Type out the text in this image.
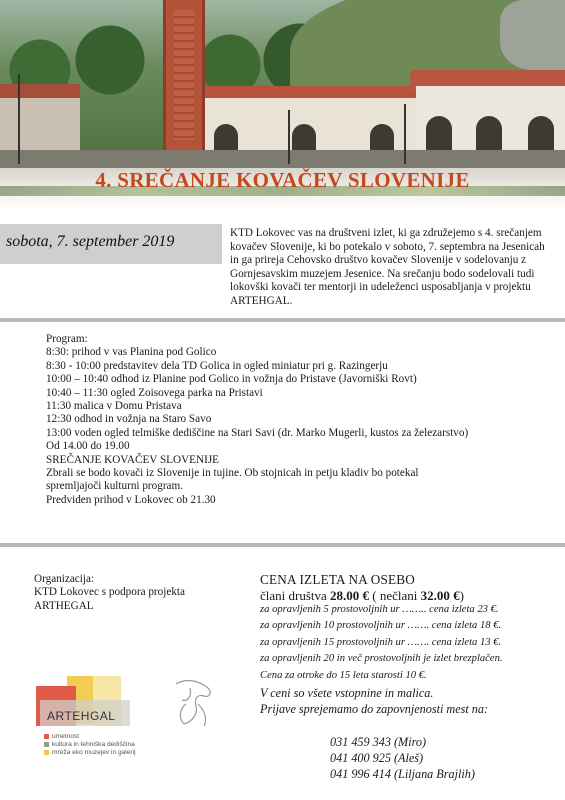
4. SREČANJE KOVAČEV SLOVENIJE
sobota, 7. september 2019	KTD Lokovec vas na društveni izlet, ki ga združejemo s 4. srečanjem
kovačev Slovenije, ki bo potekalo v soboto, 7. septembra na Jesenicah
in ga prireja Cehovsko društvo kovačev Slovenije v sodelovanju z
Gornjesavskim muzejem Jesenice. Na srečanju bodo sodelovali tudi
lokovški kovači ter mentorji in udeleženci usposabljanja v projektu
ARTEHGAL.
Program:
8:30: prihod v vas Planina pod Golico
8:30 - 10:00 predstavitev dela TD Golica in ogled miniatur pri g. Razingerju
10:00 – 10:40 odhod iz Planine pod Golico in vožnja do Pristave (Javorniški Rovt)
10:40 – 11:30 ogled Zoisovega parka na Pristavi
11:30 malica v Domu Pristava
12:30 odhod in vožnja na Staro Savo
13:00 voden ogled telmiške dediščine na Stari Savi (dr. Marko Mugerli, kustos za železarstvo)
Od 14.00 do 19.00
SREČANJE KOVAČEV SLOVENIJE
Zbrali se bodo kovači iz Slovenije in tujine. Ob stojnicah in petju kladiv bo potekal
spremljajoči kulturni program.
Predviden prihod v Lokovec ob 21.30
Organizacija:
KTD Lokovec s podpora projekta
ARTHEGAL
CENA IZLETA NA OSEBO
člani društva 28.00 € ( nečlani 32.00 €)
za opravljenih 5 prostovoljnih ur …….. cena izleta 23 €.
za opravljenih 10 prostovoljnih ur ……. cena izleta 18 €.
za opravljenih 15 prostovoljnih ur ……. cena izleta 13 €.
za opravljenih 20 in več prostovoljnih je izlet brezplačen.
Cena za otroke do 15 leta starosti 10 €.
V ceni so všete vstopnine in malica.
Prijave sprejemamo do zapovnjenosti mest na:
031 459 343 (Miro)
041 400 925 (Aleš)
041 996 414 (Liljana Brajlih)
ARTEHGAL
umetnost
kultura in tehniška dediščina
mreža eko muzejev in galerij
